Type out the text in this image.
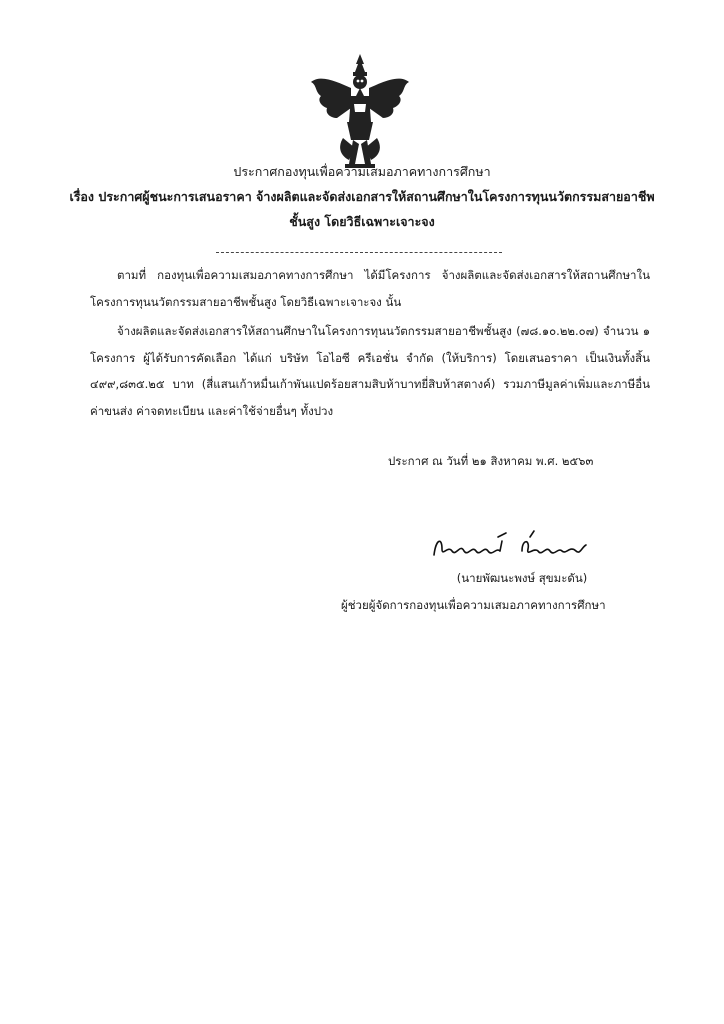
ประกาศกองทุนเพื่อความเสมอภาคทางการศึกษา
เรื่อง ประกาศผู้ชนะการเสนอราคา จ้างผลิตและจัดส่งเอกสารให้สถานศึกษาในโครงการทุนนวัตกรรมสายอาชีพ
ชั้นสูง โดยวิธีเฉพาะเจาะจง
ตามที่ กองทุนเพื่อความเสมอภาคทางการศึกษา ได้มีโครงการ จ้างผลิตและจัดส่งเอกสารให้สถานศึกษาในโครงการทุนนวัตกรรมสายอาชีพชั้นสูง โดยวิธีเฉพาะเจาะจง นั้น
จ้างผลิตและจัดส่งเอกสารให้สถานศึกษาในโครงการทุนนวัตกรรมสายอาชีพชั้นสูง (๗๘.๑๐.๒๒.๐๗) จำนวน ๑ โครงการ ผู้ได้รับการคัดเลือก ได้แก่ บริษัท โอไอซี ครีเอชั่น จำกัด (ให้บริการ) โดยเสนอราคา เป็นเงินทั้งสิ้น ๔๙๙,๘๓๕.๒๕ บาท (สี่แสนเก้าหมื่นเก้าพันแปดร้อยสามสิบห้าบาทยี่สิบห้าสตางค์) รวมภาษีมูลค่าเพิ่มและภาษีอื่น ค่าขนส่ง ค่าจดทะเบียน และค่าใช้จ่ายอื่นๆ ทั้งปวง
ประกาศ ณ วันที่ ๒๑ สิงหาคม พ.ศ. ๒๕๖๓
(นายพัฒนะพงษ์ สุขมะดัน)
ผู้ช่วยผู้จัดการกองทุนเพื่อความเสมอภาคทางการศึกษา
